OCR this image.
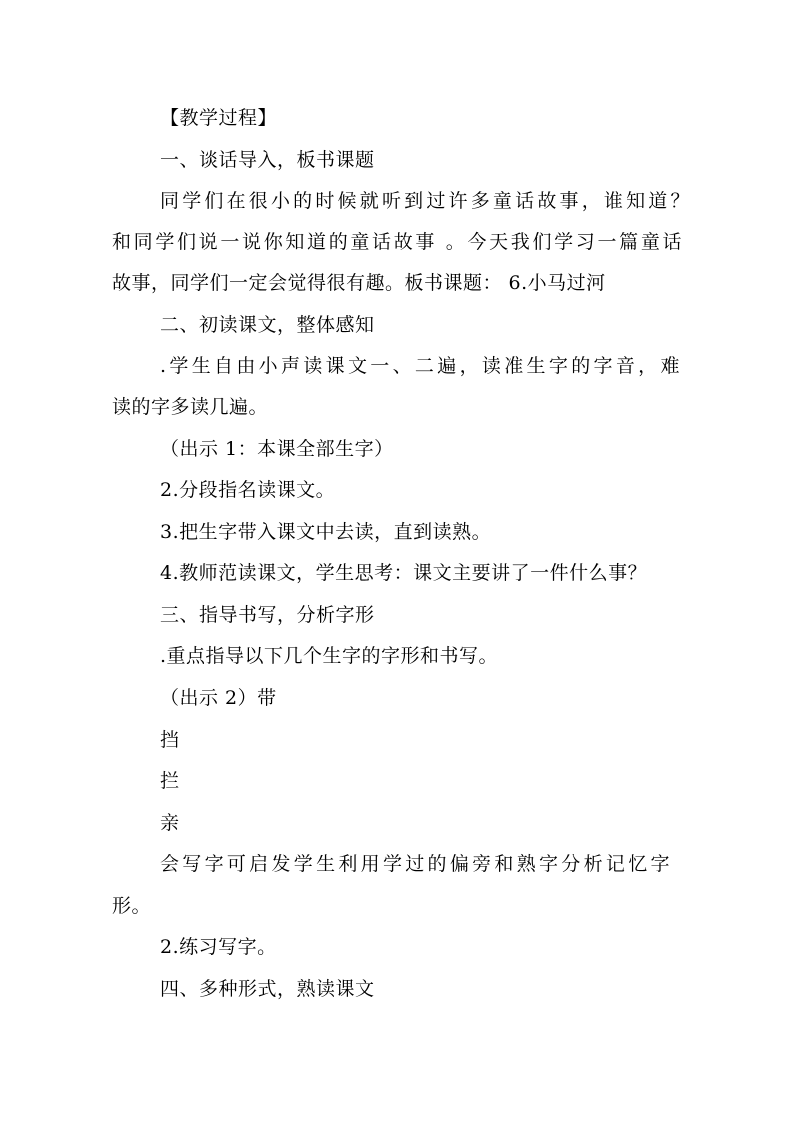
【教学过程】
一、谈话导入，板书课题
同学们在很小的时候就听到过许多童话故事，谁知道？
和同学们说一说你知道的童话故事 。今天我们学习一篇童话
故事，同学们一定会觉得很有趣。板书课题： 6.小马过河
二、初读课文，整体感知
.学生自由小声读课文一、二遍，读准生字的字音，难
读的字多读几遍。
（出示 1：本课全部生字）
2.分段指名读课文。
3.把生字带入课文中去读，直到读熟。
4.教师范读课文，学生思考：课文主要讲了一件什么事？
三、指导书写，分析字形
.重点指导以下几个生字的字形和书写。
（出示 2）带
挡
拦
亲
会写字可启发学生利用学过的偏旁和熟字分析记忆字
形。
2.练习写字。
四、多种形式，熟读课文
